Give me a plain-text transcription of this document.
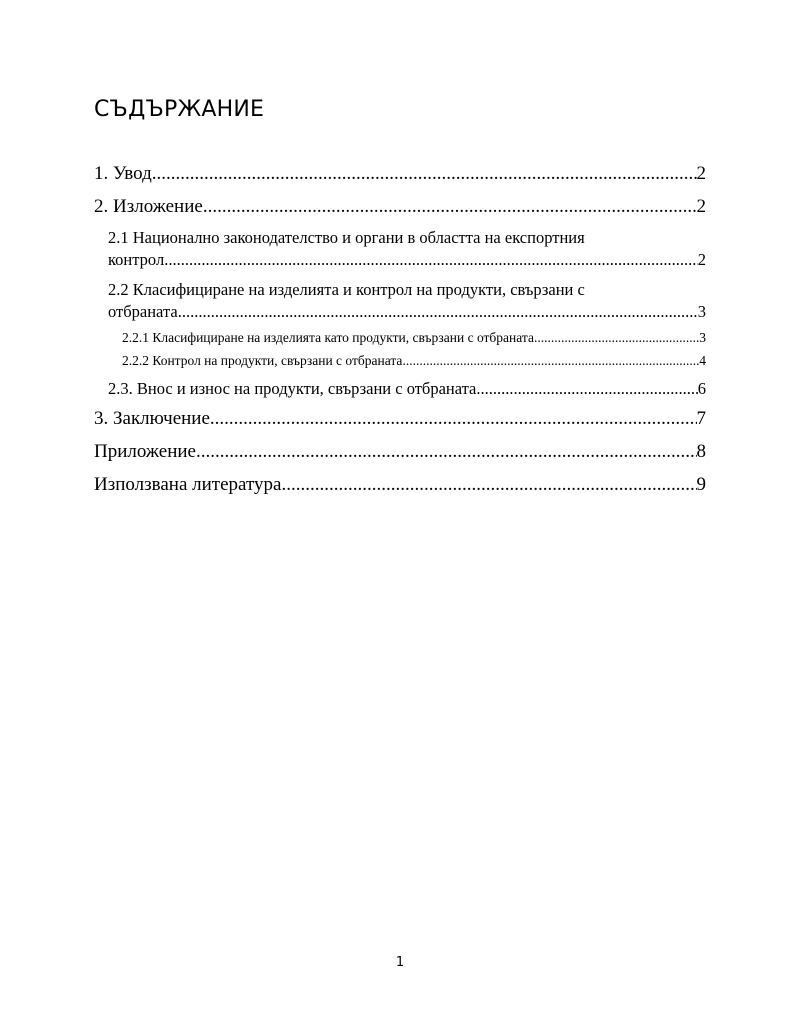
СЪДЪРЖАНИЕ
1. Увод .....	2
2. Изложение .....	2
2.1 Национално законодателство и органи в областта на експортния
контрол .....	2
2.2 Класифициране на изделията и контрол на продукти, свързани с
отбраната .....	3
2.2.1 Класифициране на изделията като продукти, свързани с отбраната .....	3
2.2.2 Контрол на продукти, свързани с отбраната .....	4
2.3. Внос и износ на продукти, свързани с отбраната .....	6
3. Заключение .....	7
Приложение .....	8
Използвана литература .....	9
1
